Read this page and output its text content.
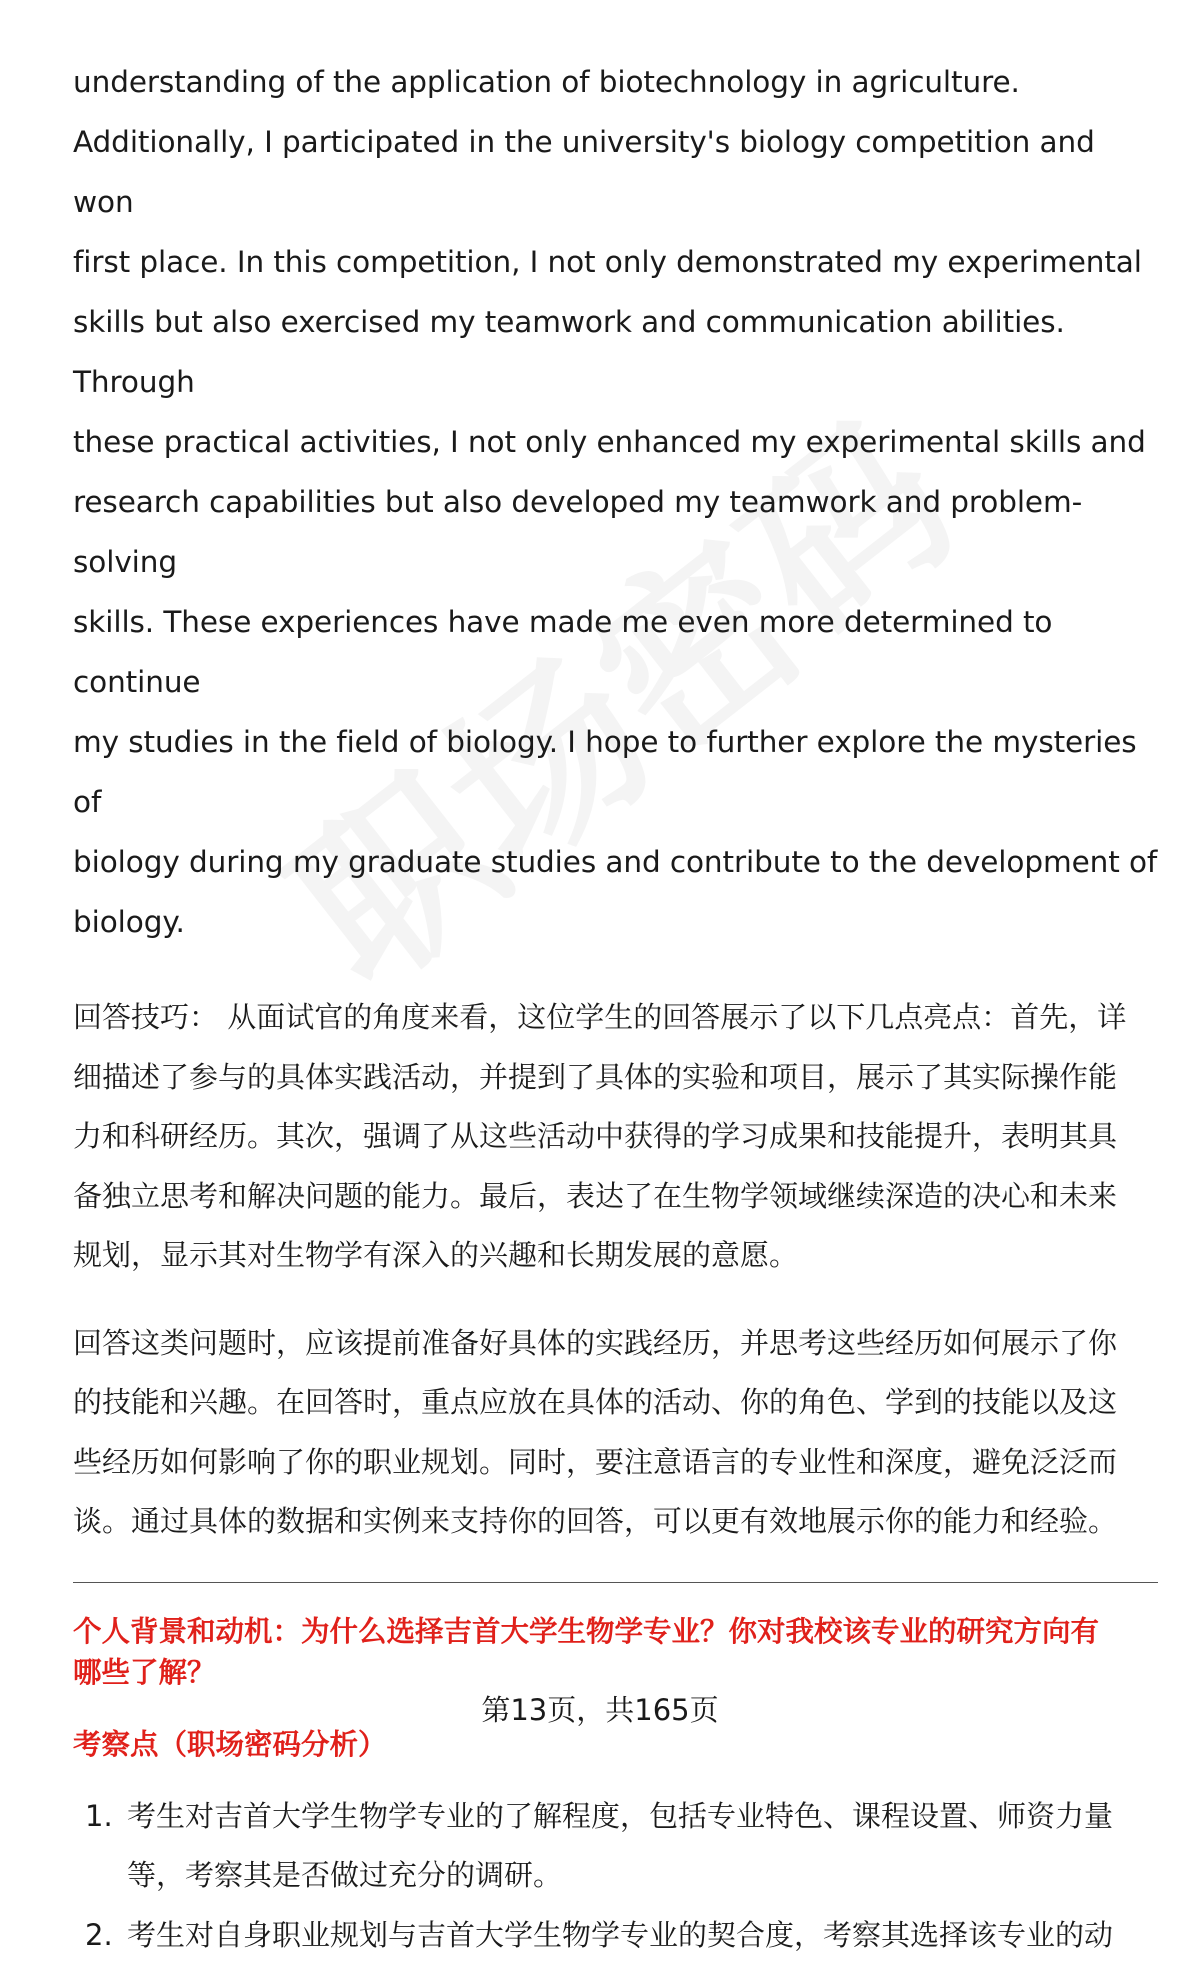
understanding of the application of biotechnology in agriculture.
Additionally, I participated in the university's biology competition and won
first place. In this competition, I not only demonstrated my experimental
skills but also exercised my teamwork and communication abilities. Through
these practical activities, I not only enhanced my experimental skills and
research capabilities but also developed my teamwork and problem-solving
skills. These experiences have made me even more determined to continue
my studies in the field of biology. I hope to further explore the mysteries of
biology during my graduate studies and contribute to the development of
biology.
回答技巧： 从面试官的角度来看，这位学生的回答展示了以下几点亮点：首先，详
细描述了参与的具体实践活动，并提到了具体的实验和项目，展示了其实际操作能
力和科研经历。其次，强调了从这些活动中获得的学习成果和技能提升，表明其具
备独立思考和解决问题的能力。最后，表达了在生物学领域继续深造的决心和未来
规划，显示其对生物学有深入的兴趣和长期发展的意愿。
回答这类问题时，应该提前准备好具体的实践经历，并思考这些经历如何展示了你
的技能和兴趣。在回答时，重点应放在具体的活动、你的角色、学到的技能以及这
些经历如何影响了你的职业规划。同时，要注意语言的专业性和深度，避免泛泛而
谈。通过具体的数据和实例来支持你的回答，可以更有效地展示你的能力和经验。
个人背景和动机：为什么选择吉首大学生物学专业？你对我校该专业的研究方向有
哪些了解？
考察点（职场密码分析）
1. 考生对吉首大学生物学专业的了解程度，包括专业特色、课程设置、师资力量
等，考察其是否做过充分的调研。
2. 考生对自身职业规划与吉首大学生物学专业的契合度，考察其选择该专业的动
第13页，共165页
